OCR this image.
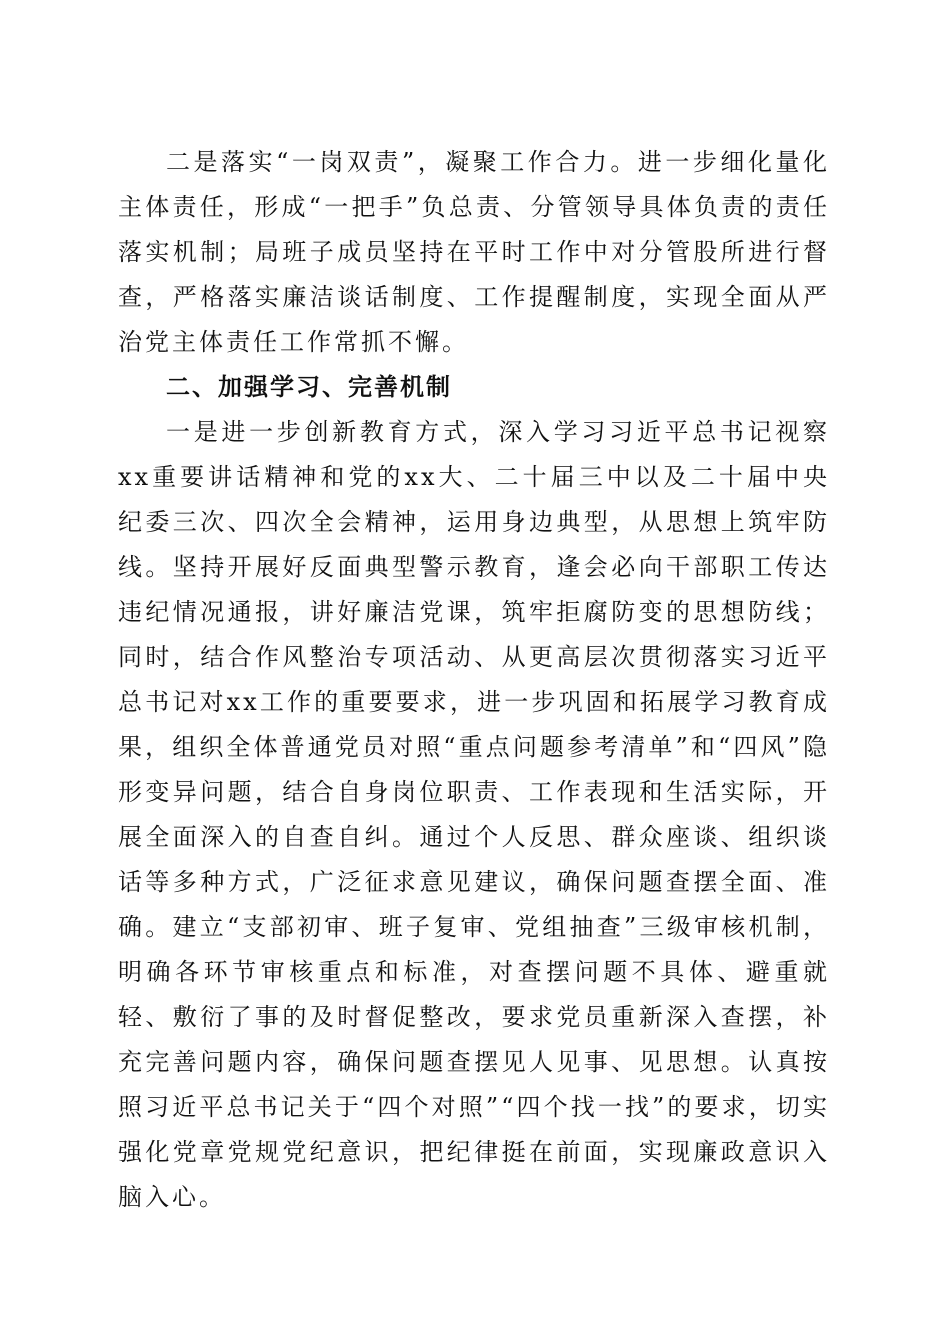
二是落实“一岗双责”，凝聚工作合力。进一步细化量化主体责任，形成“一把手”负总责、分管领导具体负责的责任落实机制；局班子成员坚持在平时工作中对分管股所进行督查，严格落实廉洁谈话制度、工作提醒制度，实现全面从严治党主体责任工作常抓不懈。

二、加强学习、完善机制

一是进一步创新教育方式，深入学习习近平总书记视察xx重要讲话精神和党的xx大、二十届三中以及二十届中央纪委三次、四次全会精神，运用身边典型，从思想上筑牢防线。坚持开展好反面典型警示教育，逢会必向干部职工传达违纪情况通报，讲好廉洁党课，筑牢拒腐防变的思想防线；同时，结合作风整治专项活动、从更高层次贯彻落实习近平总书记对xx工作的重要要求，进一步巩固和拓展学习教育成果，组织全体普通党员对照“重点问题参考清单”和“四风”隐形变异问题，结合自身岗位职责、工作表现和生活实际，开展全面深入的自查自纠。通过个人反思、群众座谈、组织谈话等多种方式，广泛征求意见建议，确保问题查摆全面、准确。建立“支部初审、班子复审、党组抽查”三级审核机制，明确各环节审核重点和标准，对查摆问题不具体、避重就轻、敷衍了事的及时督促整改，要求党员重新深入查摆，补充完善问题内容，确保问题查摆见人见事、见思想。认真按照习近平总书记关于“四个对照”“四个找一找”的要求，切实强化党章党规党纪意识，把纪律挺在前面，实现廉政意识入脑入心。
